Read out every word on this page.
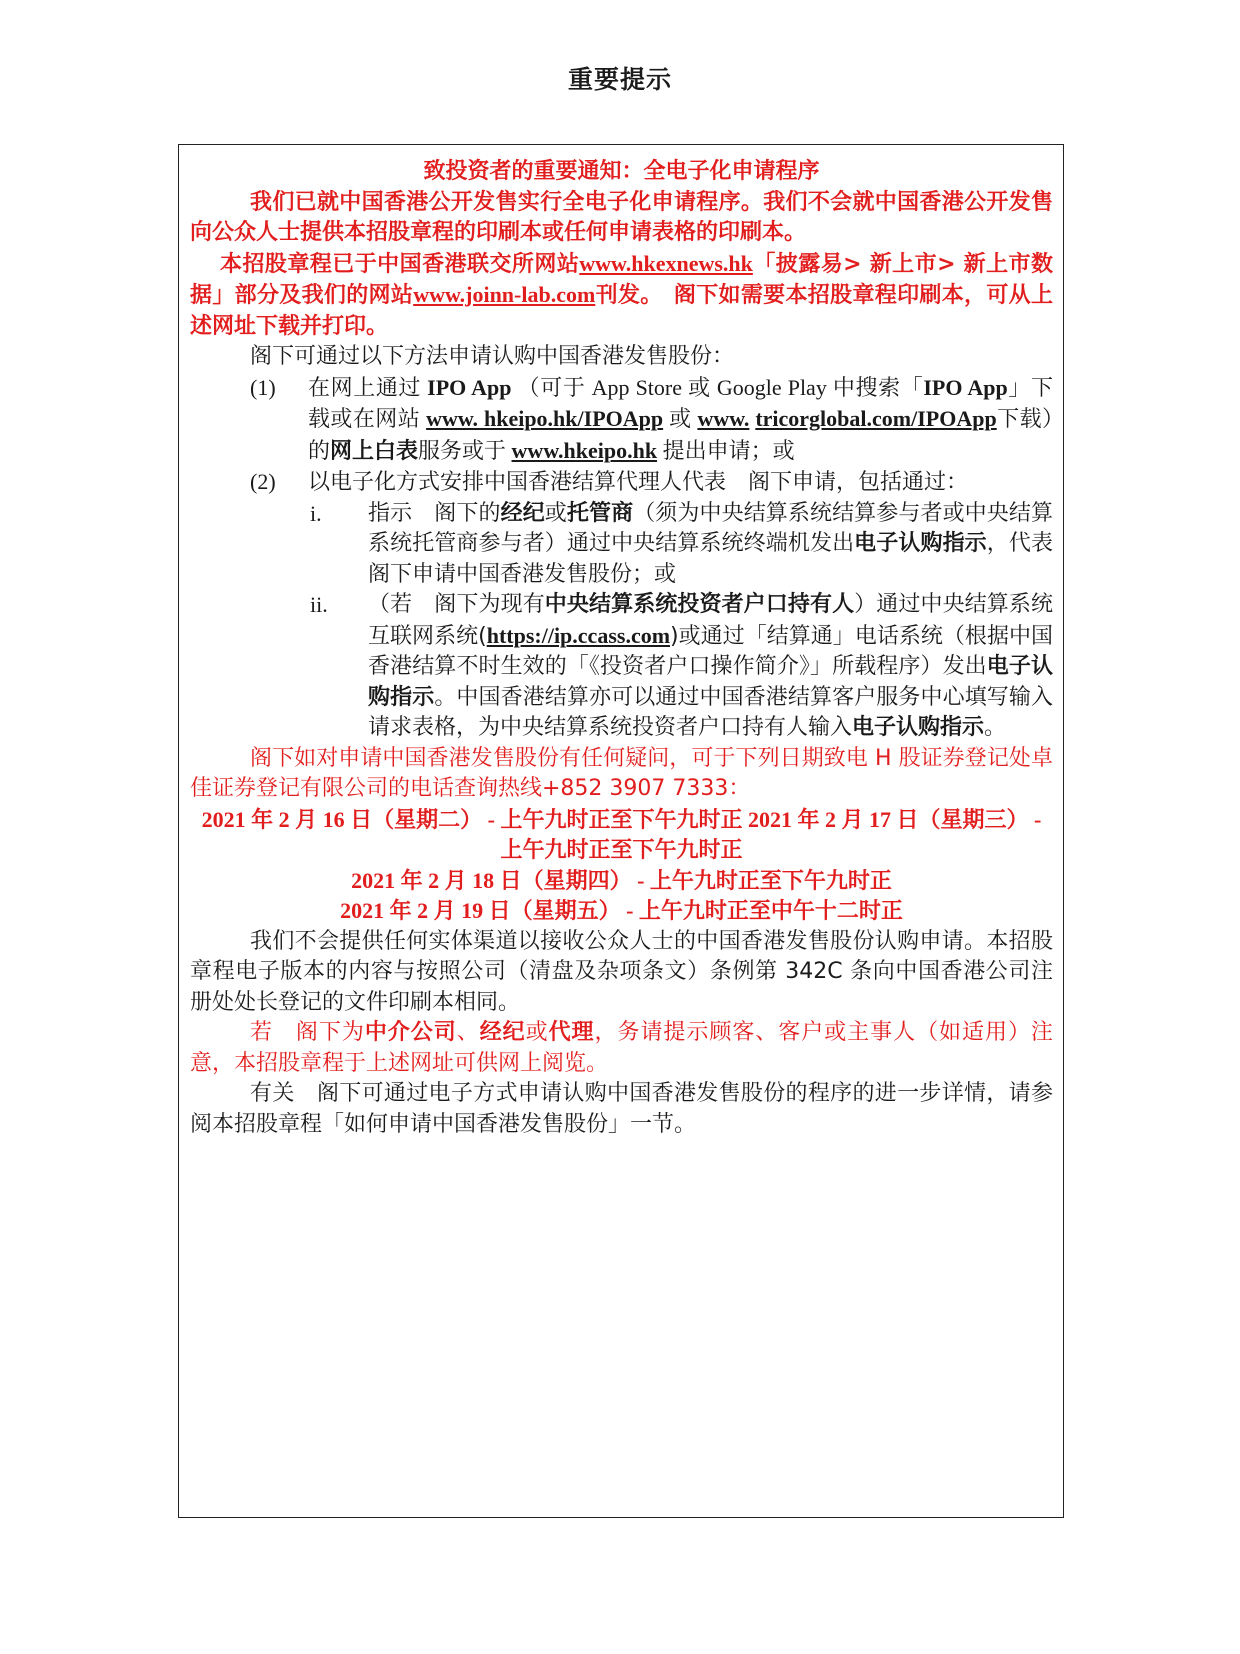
重要提示

致投资者的重要通知：全电子化申请程序

我们已就中国香港公开发售实行全电子化申请程序。我们不会就中国香港公开发售向公众人士提供本招股章程的印刷本或任何申请表格的印刷本。

本招股章程已于中国香港联交所网站www.hkexnews.hk「披露易> 新上市> 新上市数据」部分及我们的网站www.joinn-lab.com刊发。　阁下如需要本招股章程印刷本，可从上述网址下载并打印。

阁下可通过以下方法申请认购中国香港发售股份：

(1) 在网上通过 IPO App （可于 App Store 或 Google Play 中搜索「IPO App」下载或在网站 www. hkeipo.hk/IPOApp 或 www. tricorglobal.com/IPOApp下载）的网上白表服务或于 www.hkeipo.hk 提出申请；或
(2) 以电子化方式安排中国香港结算代理人代表　阁下申请，包括通过：
i. 指示　阁下的经纪或托管商（须为中央结算系统结算参与者或中央结算系统托管商参与者）通过中央结算系统终端机发出电子认购指示，代表　阁下申请中国香港发售股份；或
ii. （若　阁下为现有中央结算系统投资者户口持有人）通过中央结算系统互联网系统(https://ip.ccass.com)或通过「结算通」电话系统（根据中国香港结算不时生效的「《投资者户口操作简介》」所载程序）发出电子认购指示。中国香港结算亦可以通过中国香港结算客户服务中心填写输入请求表格，为中央结算系统投资者户口持有人输入电子认购指示。

阁下如对申请中国香港发售股份有任何疑问，可于下列日期致电 H 股证券登记处卓佳证券登记有限公司的电话查询热线+852 3907 7333：

2021 年 2 月 16 日（星期二） - 上午九时正至下午九时正 2021 年 2 月 17 日（星期三） - 上午九时正至下午九时正

2021 年 2 月 18 日（星期四） - 上午九时正至下午九时正

2021 年 2 月 19 日（星期五） - 上午九时正至中午十二时正

我们不会提供任何实体渠道以接收公众人士的中国香港发售股份认购申请。本招股章程电子版本的内容与按照公司（清盘及杂项条文）条例第 342C 条向中国香港公司注册处处长登记的文件印刷本相同。

若　阁下为中介公司、经纪或代理，务请提示顾客、客户或主事人（如适用）注意，本招股章程于上述网址可供网上阅览。

有关　阁下可通过电子方式申请认购中国香港发售股份的程序的进一步详情，请参阅本招股章程「如何申请中国香港发售股份」一节。
